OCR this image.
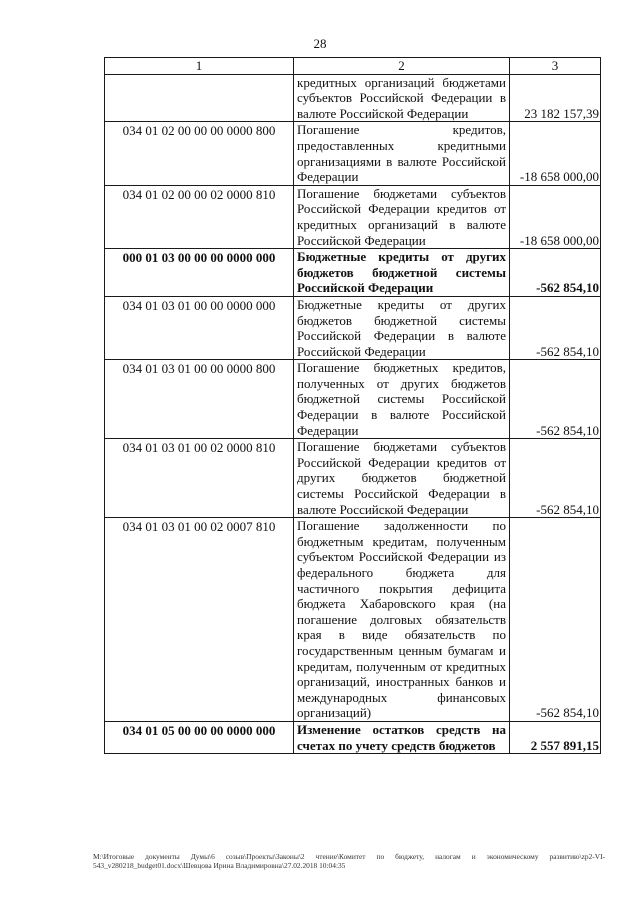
28
1	2	3
	кредитных организаций бюджетами субъектов Российской Федерации в валюте Российской Федерации	23 182 157,39
034 01 02 00 00 00 0000 800	Погашение кредитов, предоставленных кредитными организациями в валюте Российской Федерации	-18 658 000,00
034 01 02 00 00 02 0000 810	Погашение бюджетами субъектов Российской Федерации кредитов от кредитных организаций в валюте Российской Федерации	-18 658 000,00
000 01 03 00 00 00 0000 000	Бюджетные кредиты от других бюджетов бюджетной системы Российской Федерации	-562 854,10
034 01 03 01 00 00 0000 000	Бюджетные кредиты от других бюджетов бюджетной системы Российской Федерации в валюте Российской Федерации	-562 854,10
034 01 03 01 00 00 0000 800	Погашение бюджетных кредитов, полученных от других бюджетов бюджетной системы Российской Федерации в валюте Российской Федерации	-562 854,10
034 01 03 01 00 02 0000 810	Погашение бюджетами субъектов Российской Федерации кредитов от других бюджетов бюджетной системы Российской Федерации в валюте Российской Федерации	-562 854,10
034 01 03 01 00 02 0007 810	Погашение задолженности по бюджетным кредитам, полученным субъектом Российской Федерации из федерального бюджета для частичного покрытия дефицита бюджета Хабаровского края (на погашение долговых обязательств края в виде обязательств по государственным ценным бумагам и кредитам, полученным от кредитных организаций, иностранных банков и международных финансовых организаций)	-562 854,10
034 01 05 00 00 00 0000 000	Изменение остатков средств на счетах по учету средств бюджетов	2 557 891,15
M:\Итоговые документы Думы\6 созыв\Проекты\Законы\2 чтение\Комитет по бюджету, налогам и экономическому развитию\zp2-VI-543_v280218_budget01.docx\Шевцова Ирина Владимировна\27.02.2018 10:04:35
